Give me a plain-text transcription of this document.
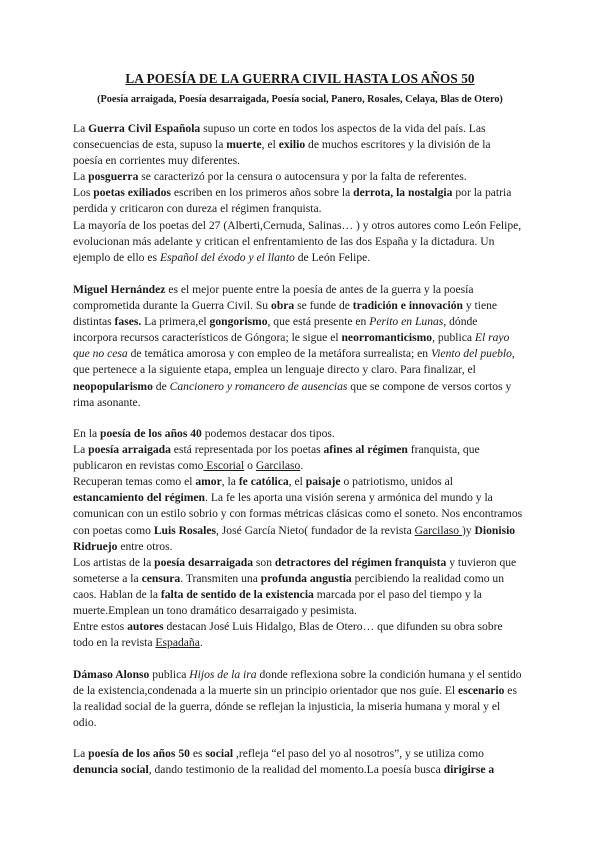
LA POESÍA DE LA GUERRA CIVIL HASTA LOS AÑOS 50
(Poesía arraigada, Poesía desarraigada, Poesía social, Panero, Rosales, Celaya, Blas de Otero)

La Guerra Civil Española supuso un corte en todos los aspectos de la vida del país. Las consecuencias de esta, supuso la muerte, el exilio de muchos escritores y la división de la poesía en corrientes muy diferentes.

La posguerra se caracterizó por la censura o autocensura y por la falta de referentes.

Los poetas exiliados escriben en los primeros años sobre la derrota, la nostalgia por la patria perdida y criticaron con dureza el régimen franquista.

La mayoría de los poetas del 27 (Alberti,Cernuda, Salinas… ) y otros autores como León Felipe, evolucionan más adelante y critican el enfrentamiento de las dos España y la dictadura. Un ejemplo de ello es Español del éxodo y el llanto de León Felipe.

Miguel Hernández es el mejor puente entre la poesía de antes de la guerra y la poesía comprometida durante la Guerra Civil. Su obra se funde de tradición e innovación y tiene distintas fases. La primera,el gongorismo, que está presente en Perito en Lunas, dónde incorpora recursos característicos de Góngora; le sigue el neorromanticismo, publica El rayo que no cesa de temática amorosa y con empleo de la metáfora surrealista; en Viento del pueblo, que pertenece a la siguiente etapa, emplea un lenguaje directo y claro. Para finalizar, el neopopularismo de Cancionero y romancero de ausencias que se compone de versos cortos y rima asonante.

En la poesía de los años 40 podemos destacar dos tipos.

La poesía arraigada está representada por los poetas afines al régimen franquista, que publicaron en revistas como Escorial o Garcilaso.

Recuperan temas como el amor, la fe católica, el paisaje o patriotismo, unidos al estancamiento del régimen. La fe les aporta una visión serena y armónica del mundo y la comunican con un estilo sobrio y con formas métricas clásicas como el soneto. Nos encontramos con poetas como Luis Rosales, José García Nieto( fundador de la revista Garcilaso )y Dionisio Ridruejo entre otros.

Los artistas de la poesía desarraigada son detractores del régimen franquista y tuvieron que someterse a la censura. Transmiten una profunda angustia percibiendo la realidad como un caos. Hablan de la falta de sentido de la existencia marcada por el paso del tiempo y la muerte.Emplean un tono dramático desarraigado y pesimista.

Entre estos autores destacan José Luis Hidalgo, Blas de Otero… que difunden su obra sobre todo en la revista Espadaña.

Dámaso Alonso publica Hijos de la ira donde reflexiona sobre la condición humana y el sentido de la existencia,condenada a la muerte sin un principio orientador que nos guíe. El escenario es la realidad social de la guerra, dónde se reflejan la injusticia, la miseria humana y moral y el odio.

La poesía de los años 50 es social ,refleja “el paso del yo al nosotros”, y se utiliza como denuncia social, dando testimonio de la realidad del momento.La poesía busca dirigirse a
